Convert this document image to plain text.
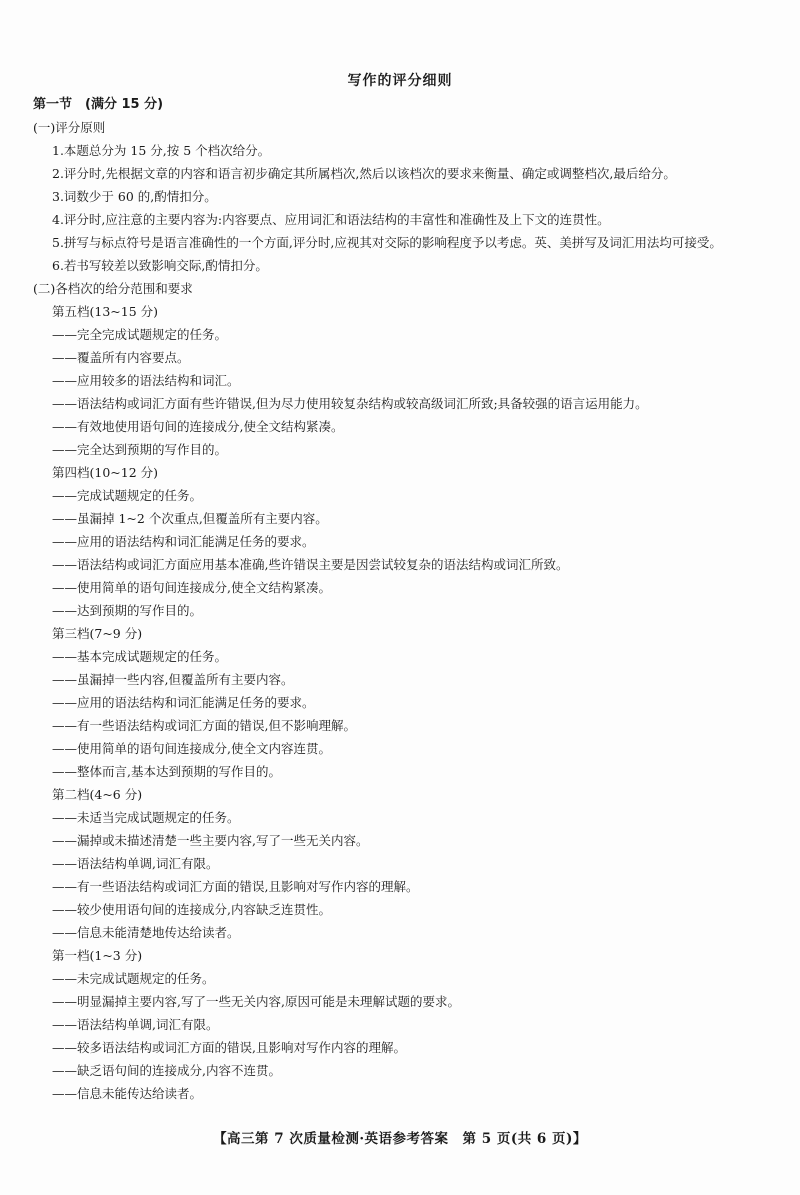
写作的评分细则
第一节　(满分 15 分)
(一)评分原则
1.本题总分为 15 分,按 5 个档次给分。
2.评分时,先根据文章的内容和语言初步确定其所属档次,然后以该档次的要求来衡量、确定或调整档次,最后给分。
3.词数少于 60 的,酌情扣分。
4.评分时,应注意的主要内容为:内容要点、应用词汇和语法结构的丰富性和准确性及上下文的连贯性。
5.拼写与标点符号是语言准确性的一个方面,评分时,应视其对交际的影响程度予以考虑。英、美拼写及词汇用法均可接受。
6.若书写较差以致影响交际,酌情扣分。
(二)各档次的给分范围和要求
第五档(13~15 分)
——完全完成试题规定的任务。
——覆盖所有内容要点。
——应用较多的语法结构和词汇。
——语法结构或词汇方面有些许错误,但为尽力使用较复杂结构或较高级词汇所致;具备较强的语言运用能力。
——有效地使用语句间的连接成分,使全文结构紧凑。
——完全达到预期的写作目的。
第四档(10~12 分)
——完成试题规定的任务。
——虽漏掉 1~2 个次重点,但覆盖所有主要内容。
——应用的语法结构和词汇能满足任务的要求。
——语法结构或词汇方面应用基本准确,些许错误主要是因尝试较复杂的语法结构或词汇所致。
——使用简单的语句间连接成分,使全文结构紧凑。
——达到预期的写作目的。
第三档(7~9 分)
——基本完成试题规定的任务。
——虽漏掉一些内容,但覆盖所有主要内容。
——应用的语法结构和词汇能满足任务的要求。
——有一些语法结构或词汇方面的错误,但不影响理解。
——使用简单的语句间连接成分,使全文内容连贯。
——整体而言,基本达到预期的写作目的。
第二档(4~6 分)
——未适当完成试题规定的任务。
——漏掉或未描述清楚一些主要内容,写了一些无关内容。
——语法结构单调,词汇有限。
——有一些语法结构或词汇方面的错误,且影响对写作内容的理解。
——较少使用语句间的连接成分,内容缺乏连贯性。
——信息未能清楚地传达给读者。
第一档(1~3 分)
——未完成试题规定的任务。
——明显漏掉主要内容,写了一些无关内容,原因可能是未理解试题的要求。
——语法结构单调,词汇有限。
——较多语法结构或词汇方面的错误,且影响对写作内容的理解。
——缺乏语句间的连接成分,内容不连贯。
——信息未能传达给读者。
【高三第 7 次质量检测·英语参考答案　第 5 页(共 6 页)】
